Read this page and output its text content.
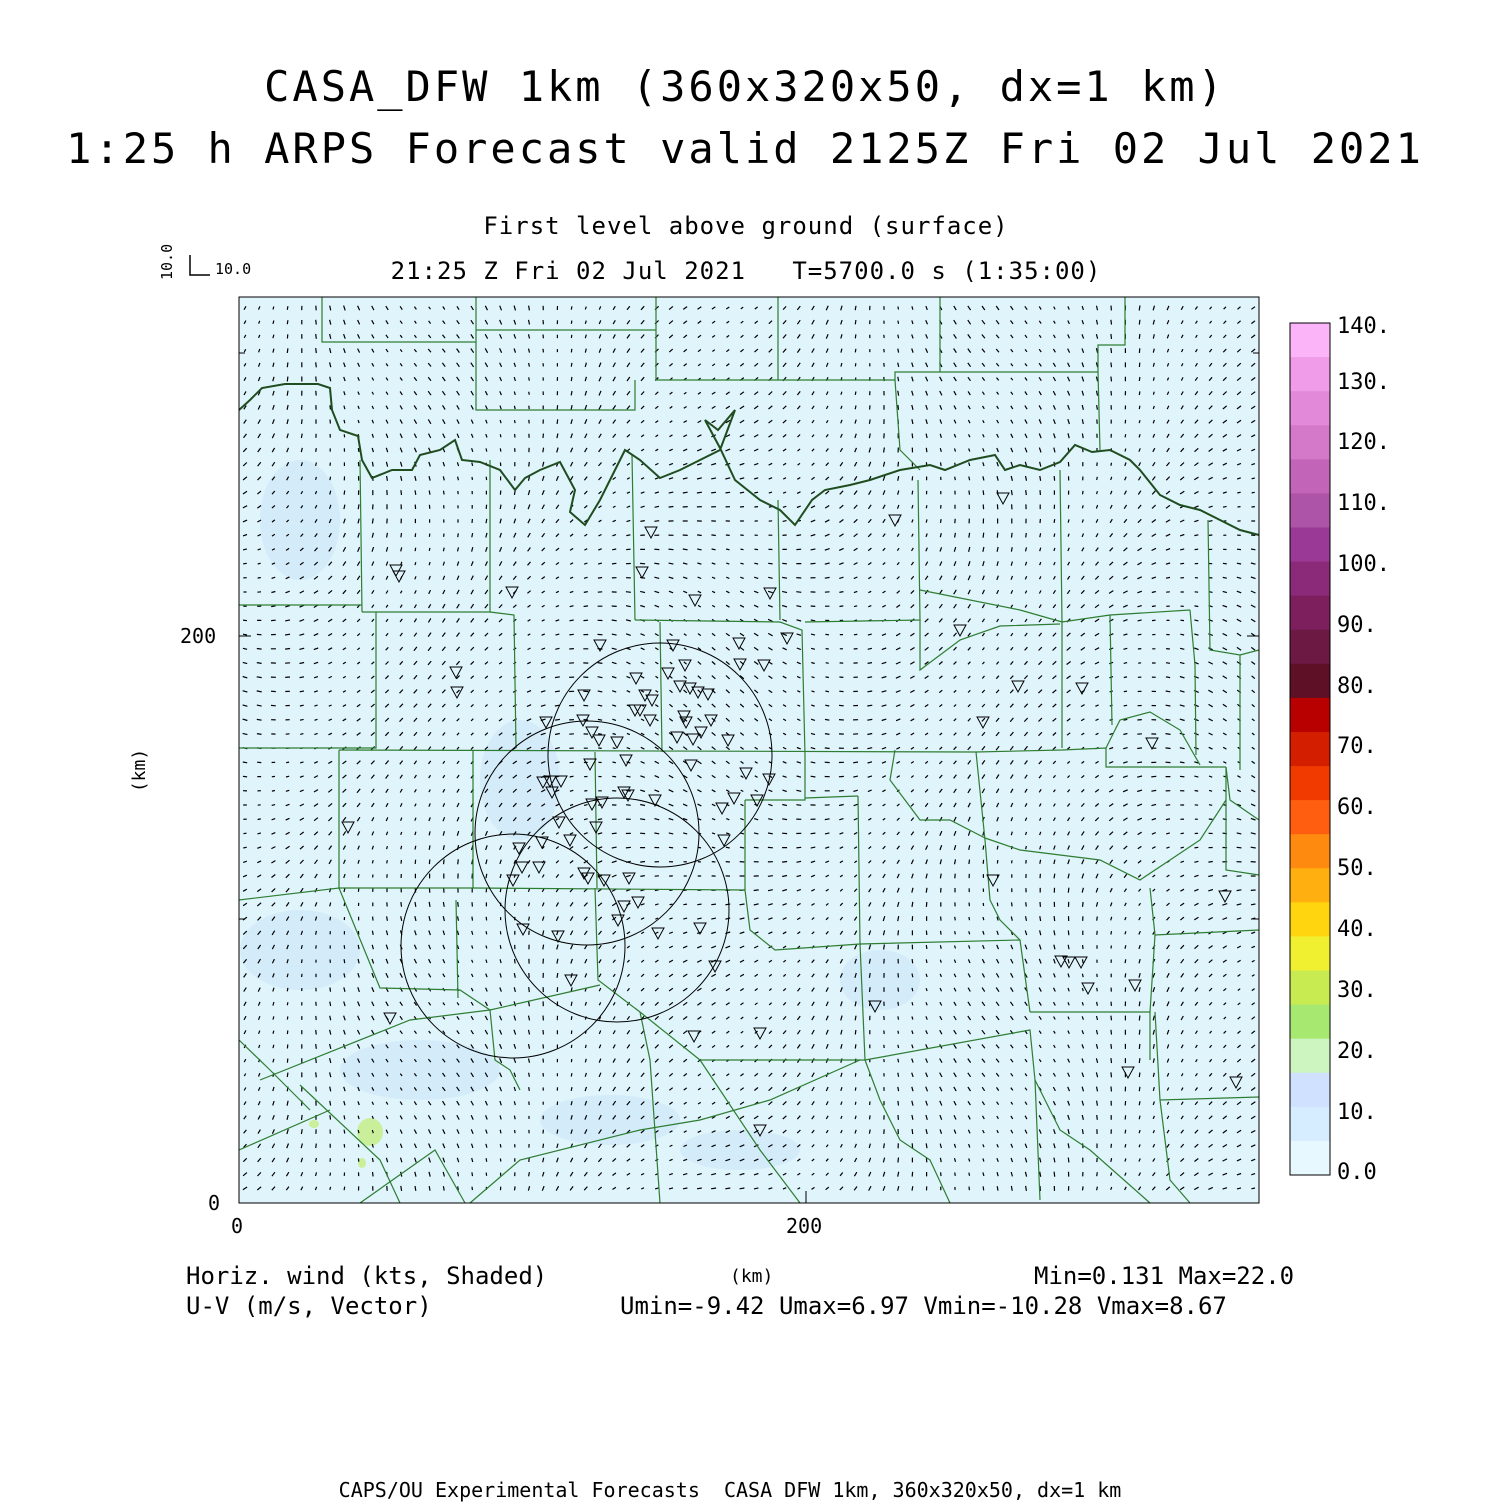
CASA_DFW 1km (360x320x50, dx=1 km)
1:25 h ARPS Forecast valid 2125Z Fri 02 Jul 2021
First level above ground (surface)
21:25 Z Fri 02 Jul 2021   T=5700.0 s (1:35:00)
10.0	10.0
200
0
0	200
(km)
(km)
140.
130.
120.
110.
100.
90.
80.
70.
60.
50.
40.
30.
20.
10.
0.0
Horiz. wind (kts, Shaded)
U-V (m/s, Vector)
Min=0.131 Max=22.0
Umin=-9.42 Umax=6.97 Vmin=-10.28 Vmax=8.67
CAPS/OU Experimental Forecasts  CASA DFW 1km, 360x320x50, dx=1 km
